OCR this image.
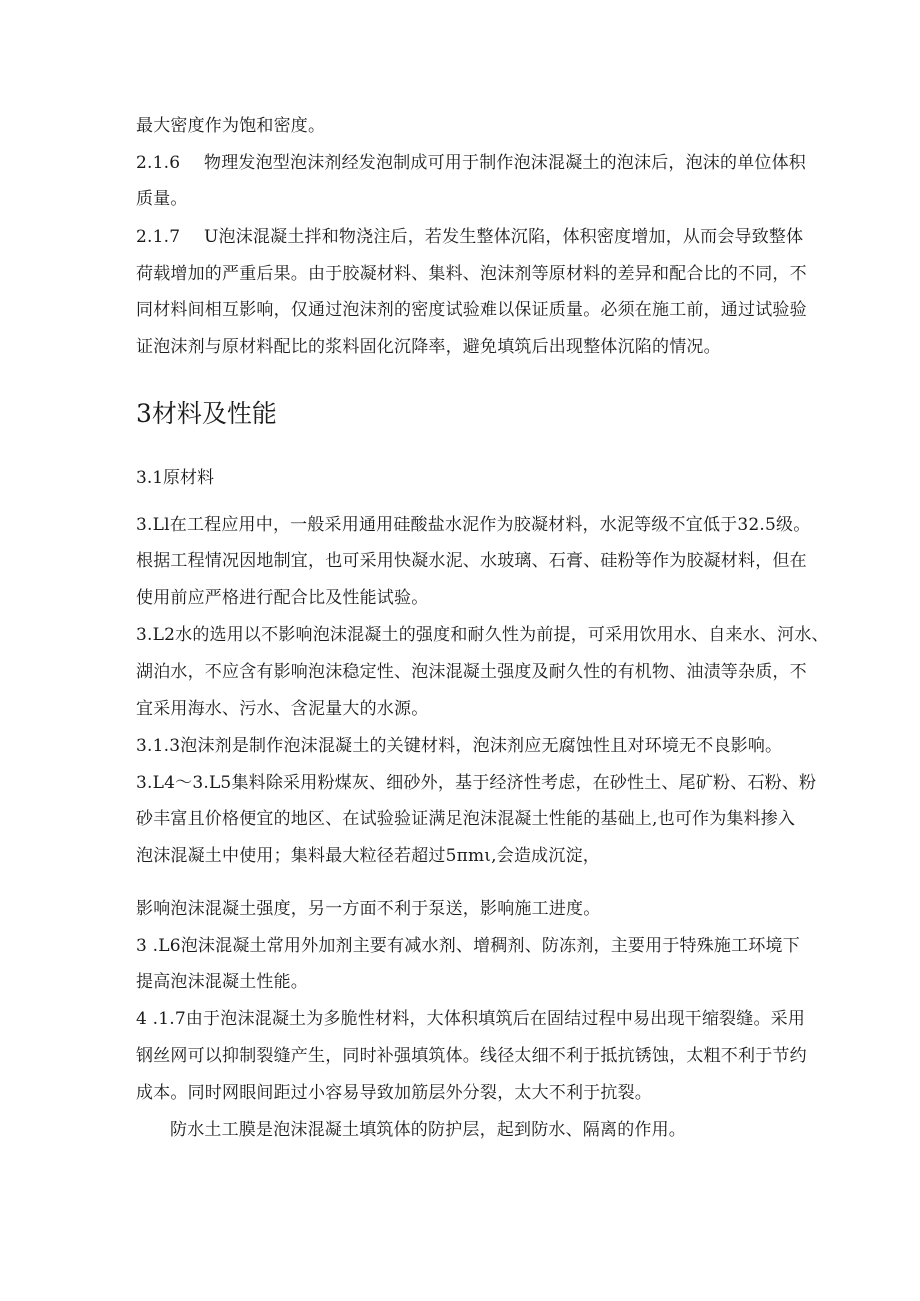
最大密度作为饱和密度。
2.1.6 物理发泡型泡沫剂经发泡制成可用于制作泡沫混凝土的泡沫后，泡沫的单位体积
质量。
2.1.7 U泡沫混凝土拌和物浇注后，若发生整体沉陷，体积密度增加，从而会导致整体
荷载增加的严重后果。由于胶凝材料、集料、泡沫剂等原材料的差异和配合比的不同，不
同材料间相互影响，仅通过泡沫剂的密度试验难以保证质量。必须在施工前，通过试验验
证泡沫剂与原材料配比的浆料固化沉降率，避免填筑后出现整体沉陷的情况。
3材料及性能
3.1原材料
3.Ll在工程应用中，一般采用通用硅酸盐水泥作为胶凝材料，水泥等级不宜低于32.5级。
根据工程情况因地制宜，也可采用快凝水泥、水玻璃、石膏、硅粉等作为胶凝材料，但在
使用前应严格进行配合比及性能试验。
3.L2水的选用以不影响泡沫混凝土的强度和耐久性为前提，可采用饮用水、自来水、河水、
湖泊水，不应含有影响泡沫稳定性、泡沫混凝土强度及耐久性的有机物、油渍等杂质，不
宜采用海水、污水、含泥量大的水源。
3.1.3泡沫剂是制作泡沫混凝土的关键材料，泡沫剂应无腐蚀性且对环境无不良影响。
3.L4～3.L5集料除采用粉煤灰、细砂外，基于经济性考虑，在砂性土、尾矿粉、石粉、粉
砂丰富且价格便宜的地区、在试验验证满足泡沫混凝土性能的基础上,也可作为集料掺入
泡沫混凝土中使用；集料最大粒径若超过5πmι,会造成沉淀，
影响泡沫混凝土强度，另一方面不利于泵送，影响施工进度。
3 .L6泡沫混凝土常用外加剂主要有减水剂、增稠剂、防冻剂，主要用于特殊施工环境下
提高泡沫混凝土性能。
4 .1.7由于泡沫混凝土为多脆性材料，大体积填筑后在固结过程中易出现干缩裂缝。采用
钢丝网可以抑制裂缝产生，同时补强填筑体。线径太细不利于抵抗锈蚀，太粗不利于节约
成本。同时网眼间距过小容易导致加筋层外分裂，太大不利于抗裂。
防水土工膜是泡沫混凝土填筑体的防护层，起到防水、隔离的作用。
